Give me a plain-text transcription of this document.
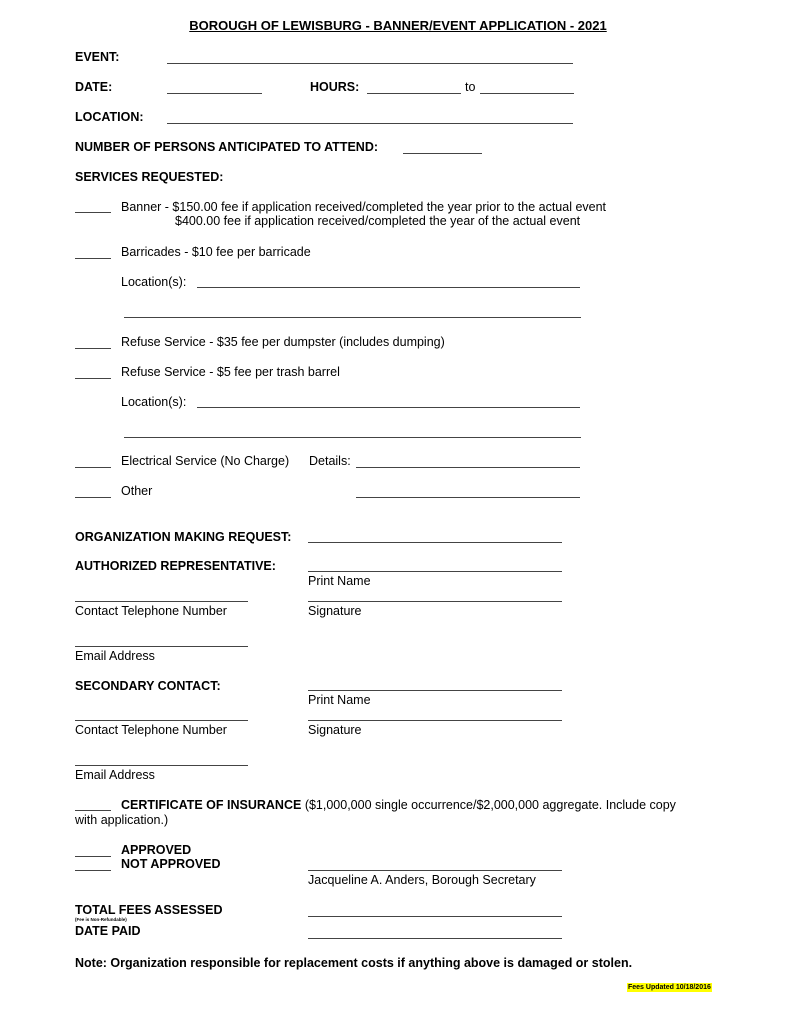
BOROUGH OF LEWISBURG - BANNER/EVENT APPLICATION - 2021
EVENT:
DATE:	HOURS:	to
LOCATION:
NUMBER OF PERSONS ANTICIPATED TO ATTEND:
SERVICES REQUESTED:
Banner - $150.00 fee if application received/completed the year prior to the actual event
$400.00 fee if application received/completed the year of the actual event
Barricades - $10 fee per barricade
Location(s):
Refuse Service - $35 fee per dumpster (includes dumping)
Refuse Service - $5 fee per trash barrel
Location(s):
Electrical Service (No Charge) Details:
Other
ORGANIZATION MAKING REQUEST:
AUTHORIZED REPRESENTATIVE:
Print Name
Contact Telephone Number	Signature
Email Address
SECONDARY CONTACT:
Print Name
Contact Telephone Number	Signature
Email Address
CERTIFICATE OF INSURANCE ($1,000,000 single occurrence/$2,000,000 aggregate. Include copy
with application.)
APPROVED
NOT APPROVED
Jacqueline A. Anders, Borough Secretary
TOTAL FEES ASSESSED
(Fee is Non-Refundable)
DATE PAID
Note: Organization responsible for replacement costs if anything above is damaged or stolen.
Fees Updated 10/18/2016
